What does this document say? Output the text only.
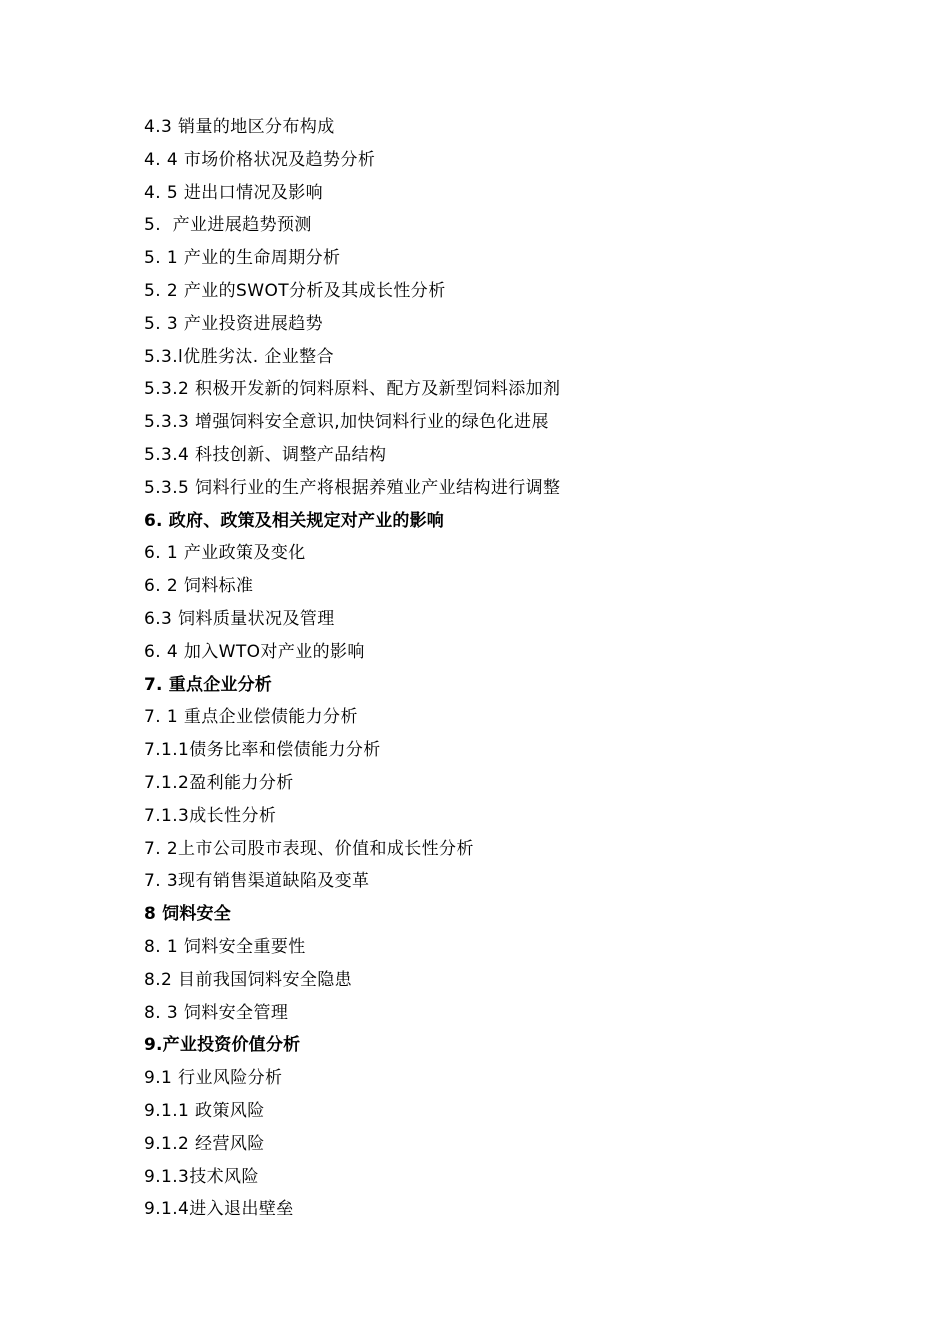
4.3 销量的地区分布构成
4. 4 市场价格状况及趋势分析
4. 5 进出口情况及影响
5.  产业进展趋势预测
5. 1 产业的生命周期分析
5. 2 产业的SWOT分析及其成长性分析
5. 3 产业投资进展趋势
5.3.l优胜劣汰. 企业整合
5.3.2 积极开发新的饲料原料、配方及新型饲料添加剂
5.3.3 增强饲料安全意识,加快饲料行业的绿色化进展
5.3.4 科技创新、调整产品结构
5.3.5 饲料行业的生产将根据养殖业产业结构进行调整
6. 政府、政策及相关规定对产业的影响
6. 1 产业政策及变化
6. 2 饲料标准
6.3 饲料质量状况及管理
6. 4 加入WTO对产业的影响
7. 重点企业分析
7. 1 重点企业偿债能力分析
7.1.1债务比率和偿债能力分析
7.1.2盈利能力分析
7.1.3成长性分析
7. 2上市公司股市表现、价值和成长性分析
7. 3现有销售渠道缺陷及变革
8 饲料安全
8. 1 饲料安全重要性
8.2 目前我国饲料安全隐患
8. 3 饲料安全管理
9.产业投资价值分析
9.1 行业风险分析
9.1.1 政策风险
9.1.2 经营风险
9.1.3技术风险
9.1.4进入退出壁垒
